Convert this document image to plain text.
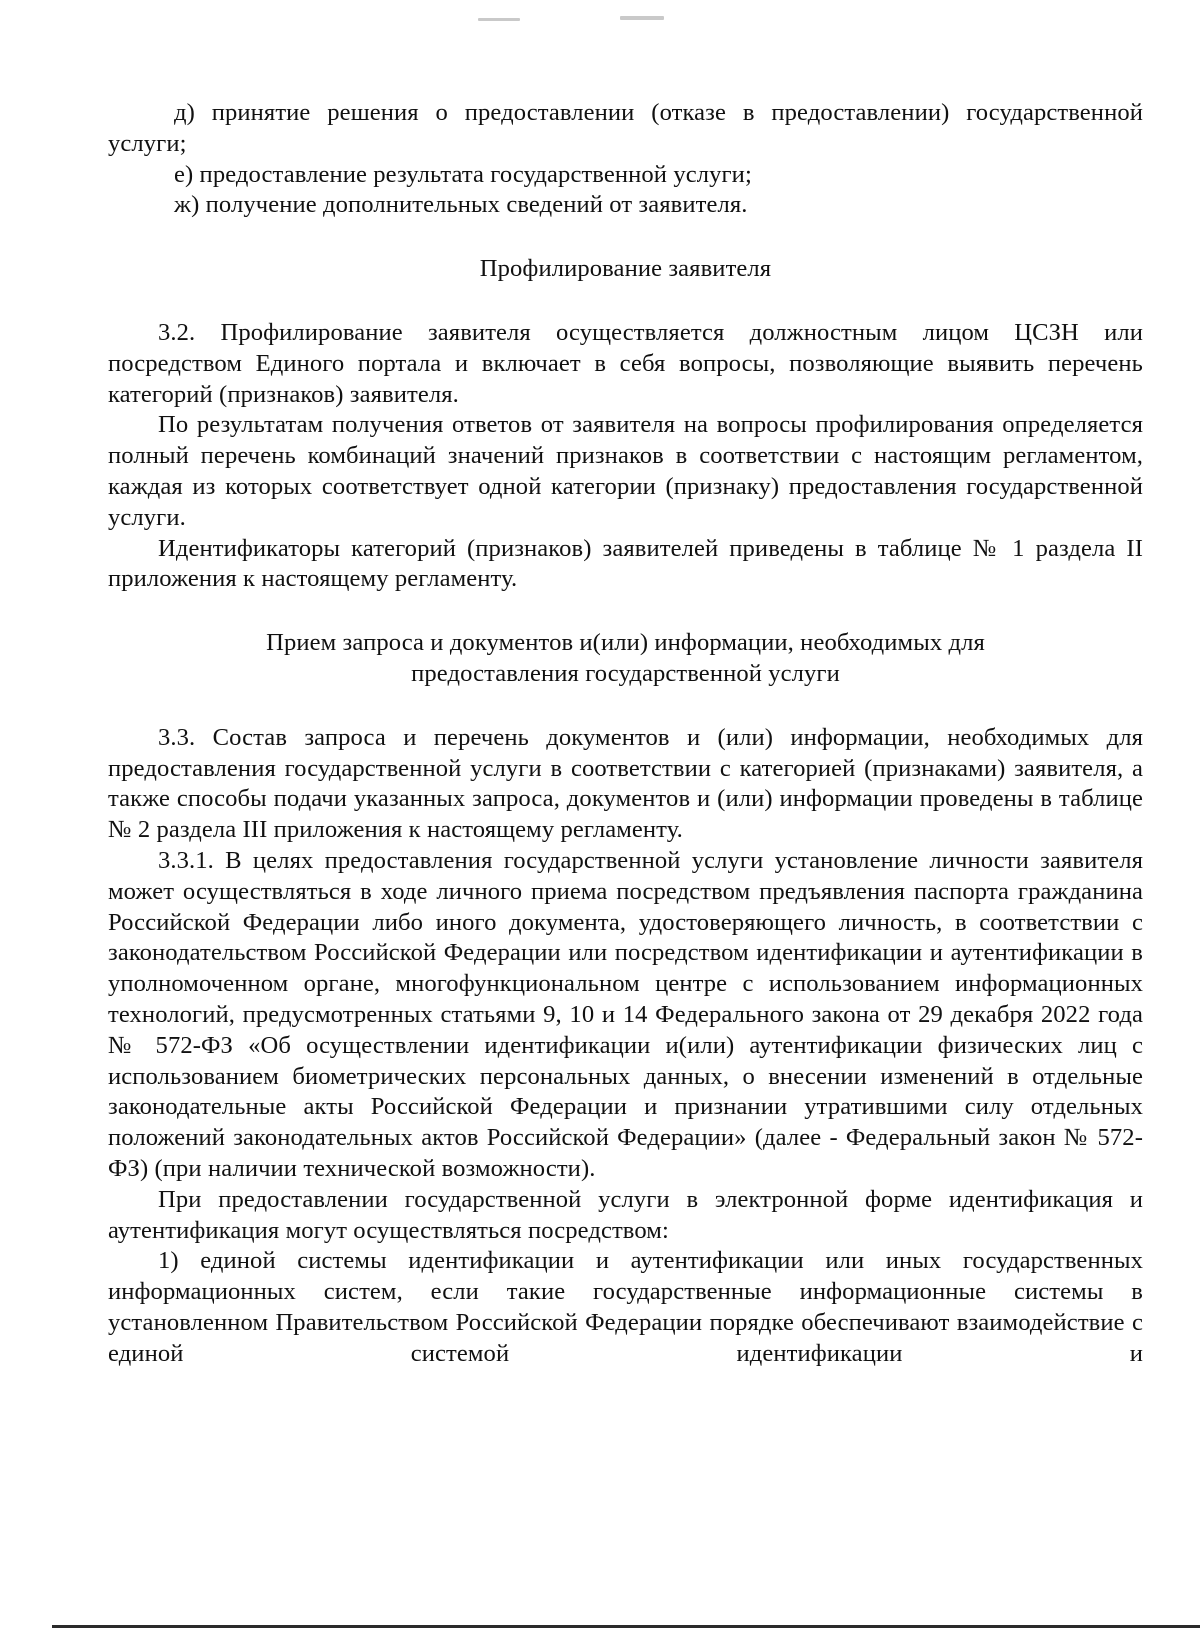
д) принятие решения о предоставлении (отказе в предоставлении) государственной услуги;

е) предоставление результата государственной услуги;

ж) получение дополнительных сведений от заявителя.

Профилирование заявителя

3.2. Профилирование заявителя осуществляется должностным лицом ЦСЗН или посредством Единого портала и включает в себя вопросы, позволяющие выявить перечень категорий (признаков) заявителя.

По результатам получения ответов от заявителя на вопросы профилирования определяется полный перечень комбинаций значений признаков в соответствии с настоящим регламентом, каждая из которых соответствует одной категории (признаку) предоставления государственной услуги.

Идентификаторы категорий (признаков) заявителей приведены в таблице № 1 раздела II приложения к настоящему регламенту.

Прием запроса и документов и(или) информации, необходимых для

предоставления государственной услуги

3.3. Состав запроса и перечень документов и (или) информации, необходимых для предоставления государственной услуги в соответствии с категорией (признаками) заявителя, а также способы подачи указанных запроса, документов и (или) информации проведены в таблице № 2 раздела III приложения к настоящему регламенту.

3.3.1. В целях предоставления государственной услуги установление личности заявителя может осуществляться в ходе личного приема посредством предъявления паспорта гражданина Российской Федерации либо иного документа, удостоверяющего личность, в соответствии с законодательством Российской Федерации или посредством идентификации и аутентификации в уполномоченном органе, многофункциональном центре с использованием информационных технологий, предусмотренных статьями 9, 10 и 14 Федерального закона от 29 декабря 2022 года № 572-ФЗ «Об осуществлении идентификации и(или) аутентификации физических лиц с использованием биометрических персональных данных, о внесении изменений в отдельные законодательные акты Российской Федерации и признании утратившими силу отдельных положений законодательных актов Российской Федерации» (далее - Федеральный закон № 572-ФЗ) (при наличии технической возможности).

При предоставлении государственной услуги в электронной форме идентификация и аутентификация могут осуществляться посредством:

1) единой системы идентификации и аутентификации или иных государственных информационных систем, если такие государственные информационные системы в установленном Правительством Российской Федерации порядке обеспечивают взаимодействие с единой системой идентификации и
